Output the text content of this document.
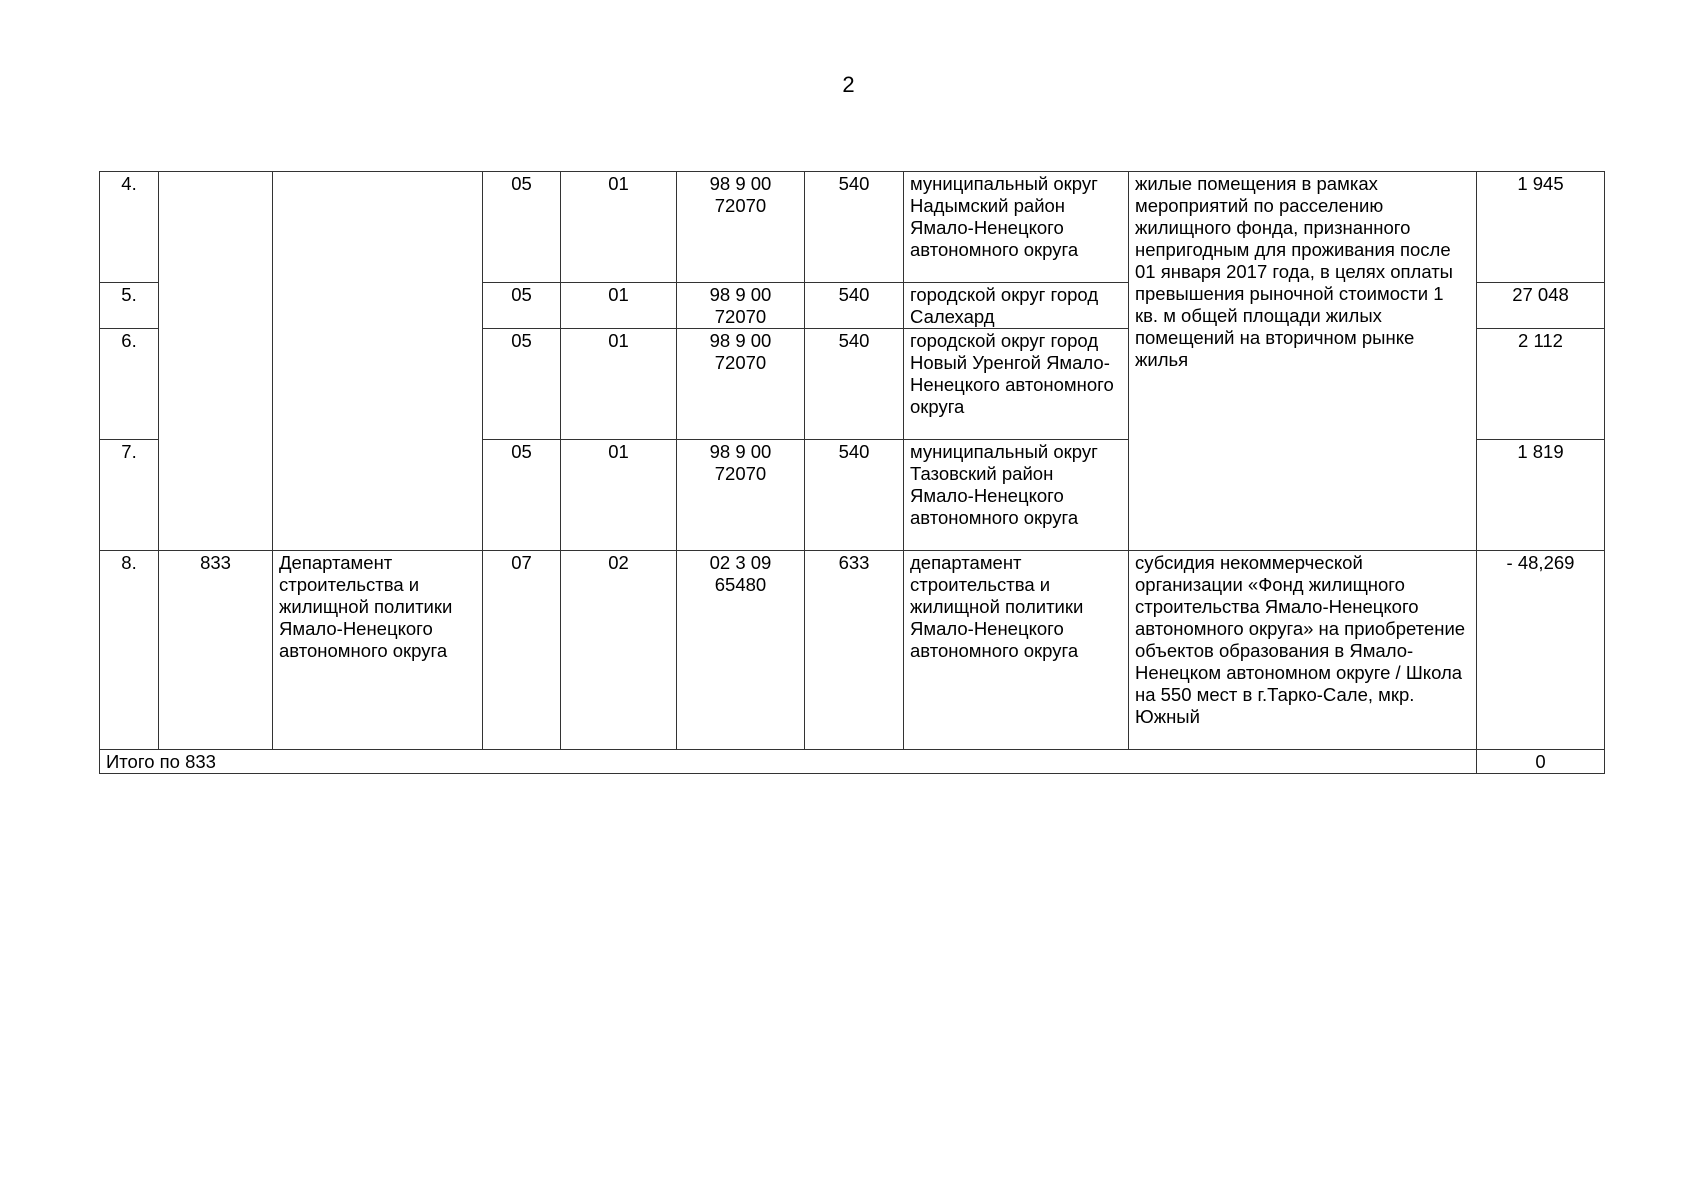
2
4.			05	01	98 9 00 72070	540	муниципальный округ Надымский район Ямало-Ненецкого автономного округа	жилые помещения в рамках мероприятий по расселению жилищного фонда, признанного непригодным для проживания после 01 января 2017 года, в целях оплаты превышения рыночной стоимости 1 кв. м общей площади жилых помещений на вторичном рынке жилья	1 945
5.			05	01	98 9 00 72070	540	городской округ город Салехард		27 048
6.			05	01	98 9 00 72070	540	городской округ город Новый Уренгой Ямало-Ненецкого автономного округа		2 112
7.			05	01	98 9 00 72070	540	муниципальный округ Тазовский район Ямало-Ненецкого автономного округа		1 819
8.	833	Департамент строительства и жилищной политики Ямало-Ненецкого автономного округа	07	02	02 3 09 65480	633	департамент строительства и жилищной политики Ямало-Ненецкого автономного округа	субсидия некоммерческой организации «Фонд жилищного строительства Ямало-Ненецкого автономного округа» на приобретение объектов образования в Ямало-Ненецком автономном округе / Школа на 550 мест в г.Тарко-Сале, мкр. Южный	- 48,269
Итого по 833									0
